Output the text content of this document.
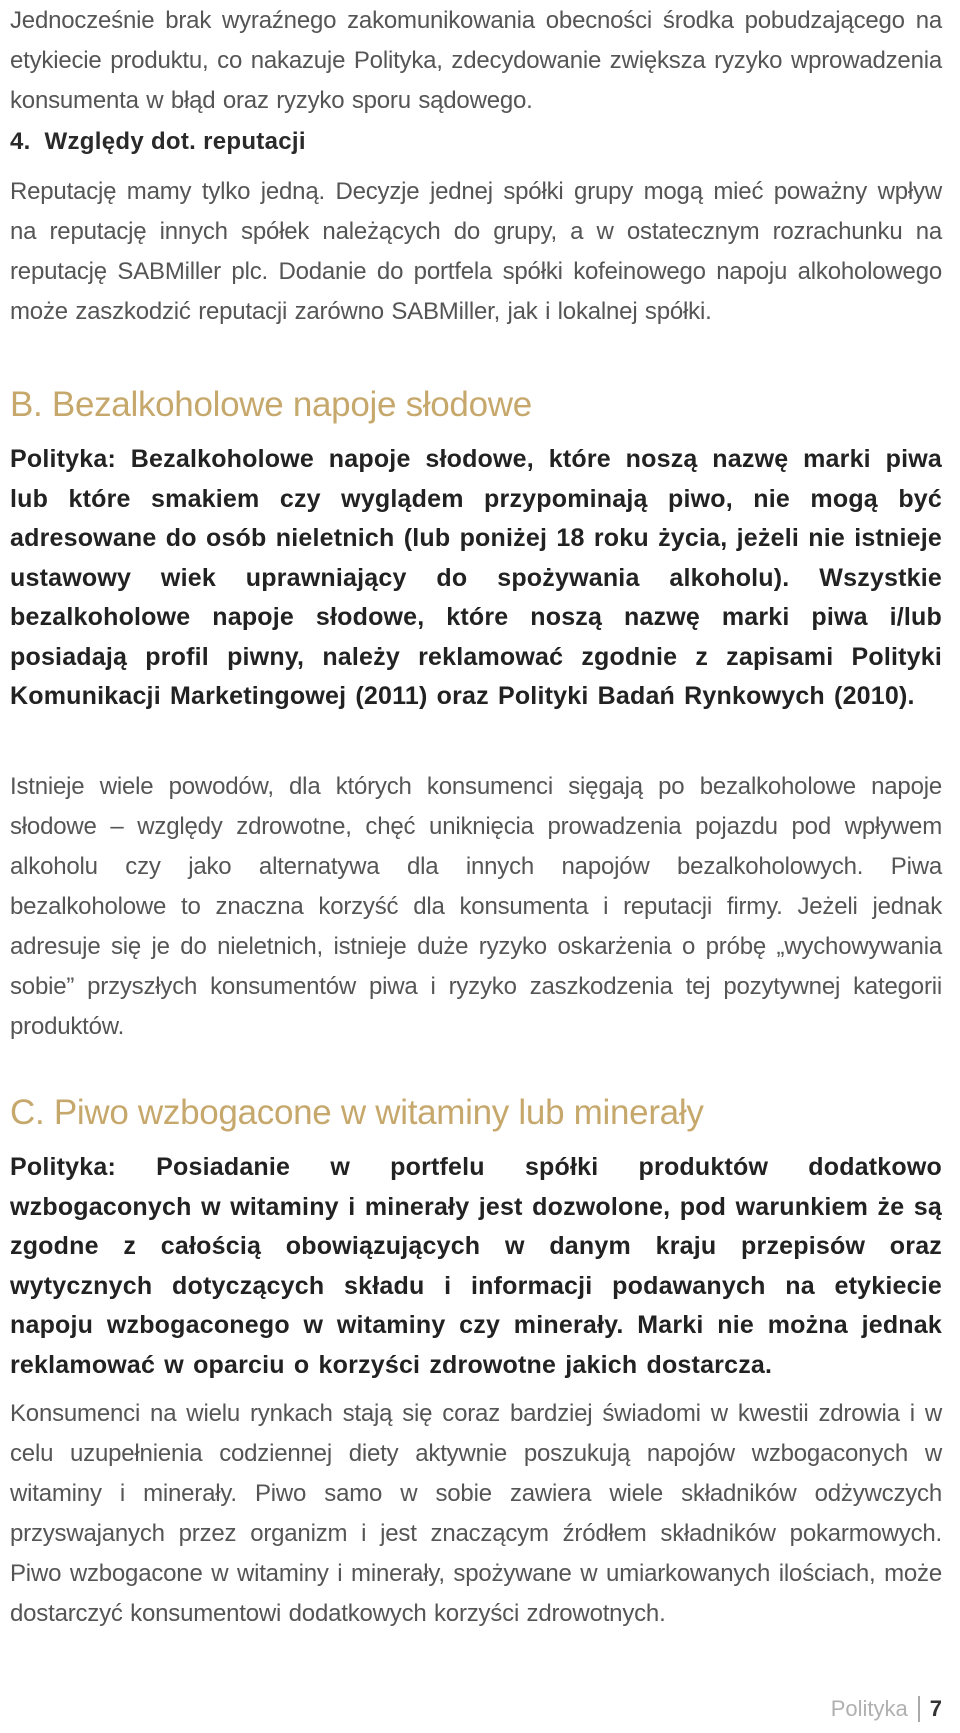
Jednocześnie brak wyraźnego zakomunikowania obecności środka pobudzającego na etykiecie produktu, co nakazuje Polityka, zdecydowanie zwiększa ryzyko wprowadzenia konsumenta w błąd oraz ryzyko sporu sądowego.

4.  Względy dot. reputacji

Reputację mamy tylko jedną. Decyzje jednej spółki grupy mogą mieć poważny wpływ na reputację innych spółek należących do grupy, a w ostatecznym rozrachunku na reputację SABMiller plc. Dodanie do portfela spółki kofeinowego napoju alkoholowego może zaszkodzić reputacji zarówno SABMiller, jak i lokalnej spółki.

B. Bezalkoholowe napoje słodowe

Polityka: Bezalkoholowe napoje słodowe, które noszą nazwę marki piwa lub które smakiem czy wyglądem przypominają piwo, nie mogą być adresowane do osób nieletnich (lub poniżej 18 roku życia, jeżeli nie istnieje ustawowy wiek uprawniający do spożywania alkoholu). Wszystkie bezalkoholowe napoje słodowe, które noszą nazwę marki piwa i/lub posiadają profil piwny, należy reklamować zgodnie z zapisami Polityki Komunikacji Marketingowej (2011) oraz Polityki Badań Rynkowych (2010).

Istnieje wiele powodów, dla których konsumenci sięgają po bezalkoholowe napoje słodowe – względy zdrowotne, chęć uniknięcia prowadzenia pojazdu pod wpływem alkoholu czy jako alternatywa dla innych napojów bezalkoholowych. Piwa bezalkoholowe to znaczna korzyść dla konsumenta i reputacji firmy. Jeżeli jednak adresuje się je do nieletnich, istnieje duże ryzyko oskarżenia o próbę „wychowywania sobie” przyszłych konsumentów piwa i ryzyko zaszkodzenia tej pozytywnej kategorii produktów.

C. Piwo wzbogacone w witaminy lub minerały

Polityka: Posiadanie w portfelu spółki produktów dodatkowo wzbogaconych w witaminy i minerały jest dozwolone, pod warunkiem że są zgodne z całością obowiązujących w danym kraju przepisów oraz wytycznych dotyczących składu i informacji podawanych na etykiecie napoju wzbogaconego w witaminy czy minerały. Marki nie można jednak reklamować w oparciu o korzyści zdrowotne jakich dostarcza.

Konsumenci na wielu rynkach stają się coraz bardziej świadomi w kwestii zdrowia i w celu uzupełnienia codziennej diety aktywnie poszukują napojów wzbogaconych w witaminy i minerały. Piwo samo w sobie zawiera wiele składników odżywczych przyswajanych przez organizm i jest znaczącym źródłem składników pokarmowych. Piwo wzbogacone w witaminy i minerały, spożywane w umiarkowanych ilościach, może dostarczyć konsumentowi dodatkowych korzyści zdrowotnych.

Polityka 7
